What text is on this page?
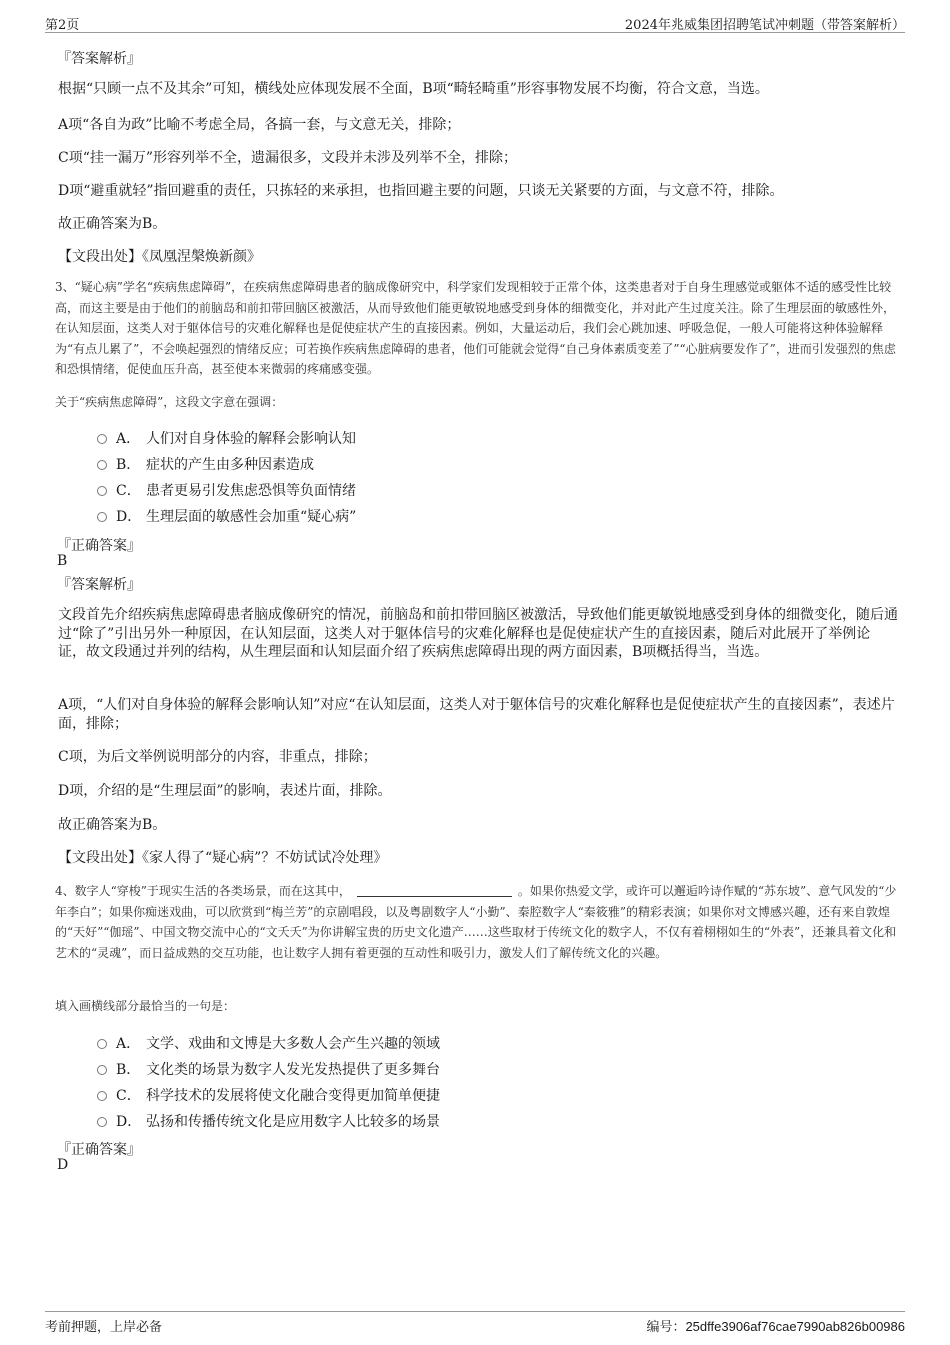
第2页	2024年兆威集团招聘笔试冲刺题（带答案解析）

『答案解析』

根据“只顾一点不及其余”可知，横线处应体现发展不全面，B项“畸轻畸重”形容事物发展不均衡，符合文意，当选。

A项“各自为政”比喻不考虑全局，各搞一套，与文意无关，排除；

C项“挂一漏万”形容列举不全，遗漏很多，文段并未涉及列举不全，排除；

D项“避重就轻”指回避重的责任，只拣轻的来承担，也指回避主要的问题，只谈无关紧要的方面，与文意不符，排除。

故正确答案为B。

【文段出处】《凤凰涅槃焕新颜》

3、“疑心病”学名“疾病焦虑障碍”，在疾病焦虑障碍患者的脑成像研究中，科学家们发现相较于正常个体，这类患者对于自身生理感觉或躯体不适的感受性比较高，而这主要是由于他们的前脑岛和前扣带回脑区被激活，从而导致他们能更敏锐地感受到身体的细微变化，并对此产生过度关注。除了生理层面的敏感性外，在认知层面，这类人对于躯体信号的灾难化解释也是促使症状产生的直接因素。例如，大量运动后，我们会心跳加速、呼吸急促，一般人可能将这种体验解释为“有点儿累了”，不会唤起强烈的情绪反应；可若换作疾病焦虑障碍的患者，他们可能就会觉得“自己身体素质变差了”“心脏病要发作了”，进而引发强烈的焦虑和恐惧情绪，促使血压升高，甚至使本来微弱的疼痛感变强。

关于“疾病焦虑障碍”，这段文字意在强调：

A． 人们对自身体验的解释会影响认知
B． 症状的产生由多种因素造成
C． 患者更易引发焦虑恐惧等负面情绪
D． 生理层面的敏感性会加重“疑心病”

『正确答案』

B

『答案解析』

文段首先介绍疾病焦虑障碍患者脑成像研究的情况，前脑岛和前扣带回脑区被激活，导致他们能更敏锐地感受到身体的细微变化，随后通过“除了”引出另外一种原因，在认知层面，这类人对于躯体信号的灾难化解释也是促使症状产生的直接因素，随后对此展开了举例论证，故文段通过并列的结构，从生理层面和认知层面介绍了疾病焦虑障碍出现的两方面因素，B项概括得当，当选。

A项，“人们对自身体验的解释会影响认知”对应“在认知层面，这类人对于躯体信号的灾难化解释也是促使症状产生的直接因素”，表述片面，排除；

C项，为后文举例说明部分的内容，非重点，排除；

D项，介绍的是“生理层面”的影响，表述片面，排除。

故正确答案为B。

【文段出处】《家人得了“疑心病”？不妨试试冷处理》

4、数字人“穿梭”于现实生活的各类场景，而在这其中，	。如果你热爱文学，或许可以邂逅吟诗作赋的“苏东坡”、意气风发的“少年李白”；如果你痴迷戏曲，可以欣赏到“梅兰芳”的京剧唱段，以及粤剧数字人“小勤”、秦腔数字人“秦筱雅”的精彩表演；如果你对文博感兴趣，还有来自敦煌的“天好”“伽瑶”、中国文物交流中心的“文夭夭”为你讲解宝贵的历史文化遗产……这些取材于传统文化的数字人，不仅有着栩栩如生的“外表”，还兼具着文化和艺术的“灵魂”，而日益成熟的交互功能，也让数字人拥有着更强的互动性和吸引力，激发人们了解传统文化的兴趣。

填入画横线部分最恰当的一句是：

A． 文学、戏曲和文博是大多数人会产生兴趣的领域
B． 文化类的场景为数字人发光发热提供了更多舞台
C． 科学技术的发展将使文化融合变得更加简单便捷
D． 弘扬和传播传统文化是应用数字人比较多的场景

『正确答案』

D

考前押题，上岸必备	编号：25dffe3906af76cae7990ab826b00986
